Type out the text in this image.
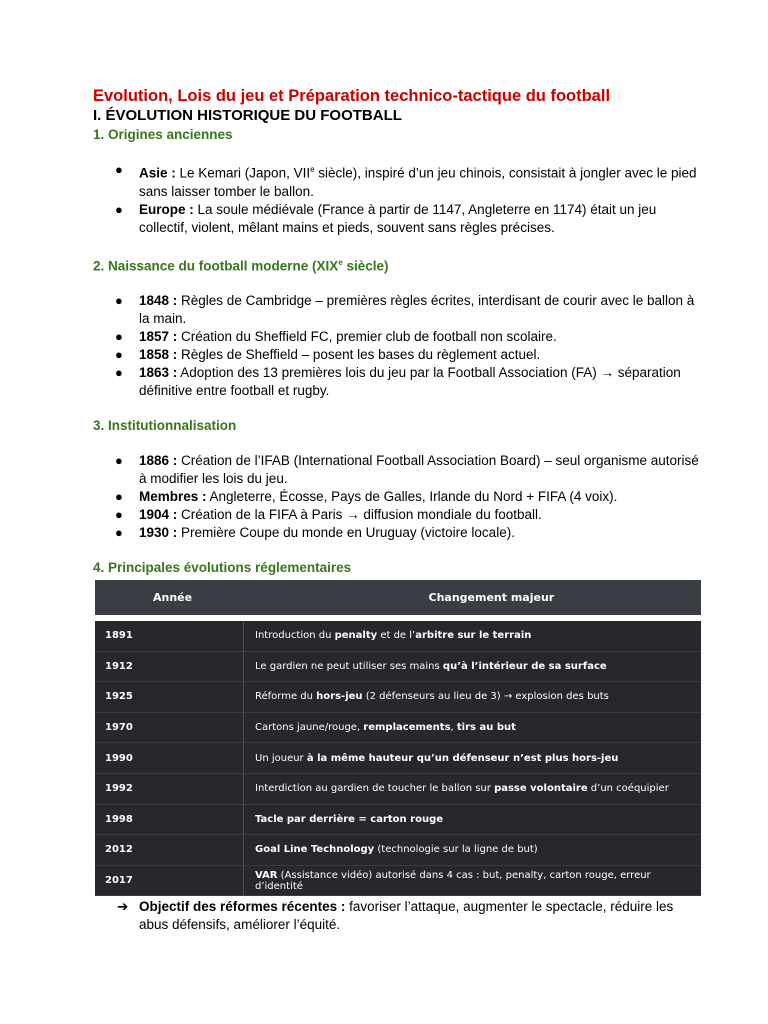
Evolution, Lois du jeu et Préparation technico-tactique du football

I. ÉVOLUTION HISTORIQUE DU FOOTBALL

1. Origines anciennes

● Asie : Le Kemari (Japon, VIIe siècle), inspiré d’un jeu chinois, consistait à jongler avec le pied sans laisser tomber le ballon.
● Europe : La soule médiévale (France à partir de 1147, Angleterre en 1174) était un jeu collectif, violent, mêlant mains et pieds, souvent sans règles précises.

2. Naissance du football moderne (XIXe siècle)

● 1848 : Règles de Cambridge – premières règles écrites, interdisant de courir avec le ballon à la main.
● 1857 : Création du Sheffield FC, premier club de football non scolaire.
● 1858 : Règles de Sheffield – posent les bases du règlement actuel.
● 1863 : Adoption des 13 premières lois du jeu par la Football Association (FA) → séparation définitive entre football et rugby.

3. Institutionnalisation

● 1886 : Création de l’IFAB (International Football Association Board) – seul organisme autorisé à modifier les lois du jeu.
● Membres : Angleterre, Écosse, Pays de Galles, Irlande du Nord + FIFA (4 voix).
● 1904 : Création de la FIFA à Paris → diffusion mondiale du football.
● 1930 : Première Coupe du monde en Uruguay (victoire locale).

4. Principales évolutions réglementaires

Année	Changement majeur
1891	Introduction du penalty et de l’arbitre sur le terrain
1912	Le gardien ne peut utiliser ses mains qu’à l’intérieur de sa surface
1925	Réforme du hors-jeu (2 défenseurs au lieu de 3) → explosion des buts
1970	Cartons jaune/rouge, remplacements, tirs au but
1990	Un joueur à la même hauteur qu’un défenseur n’est plus hors-jeu
1992	Interdiction au gardien de toucher le ballon sur passe volontaire d’un coéquipier
1998	Tacle par derrière = carton rouge
2012	Goal Line Technology (technologie sur la ligne de but)
2017	VAR (Assistance vidéo) autorisé dans 4 cas : but, penalty, carton rouge, erreur d’identité
➔ Objectif des réformes récentes : favoriser l’attaque, augmenter le spectacle, réduire les abus défensifs, améliorer l’équité.
